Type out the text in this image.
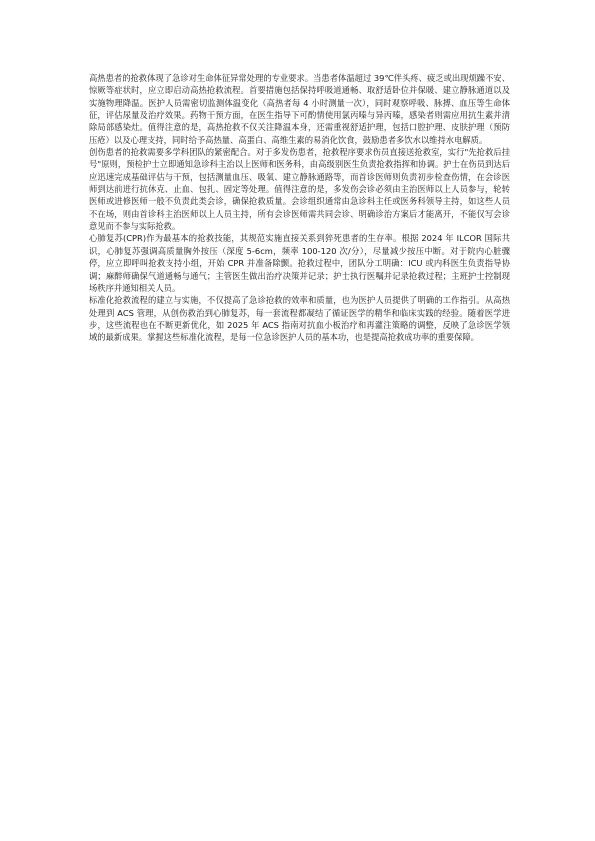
高热患者的抢救体现了急诊对生命体征异常处理的专业要求。当患者体温超过 39℃伴头疼、疲乏或出现烦躁不安、惊厥等症状时，应立即启动高热抢救流程。首要措施包括保持呼吸道通畅、取舒适卧位并保暖、建立静脉通道以及实施物理降温。医护人员需密切监测体温变化（高热者每 4 小时测量一次），同时观察呼吸、脉搏、血压等生命体征，评估尿量及治疗效果。药物干预方面，在医生指导下可酌情使用氯丙嗪与异丙嗪，感染者则需应用抗生素并清除局部感染灶。值得注意的是，高热抢救不仅关注降温本身，还需重视舒适护理，包括口腔护理、皮肤护理（预防压疮）以及心理支持，同时给予高热量、高蛋白、高维生素的易消化饮食，鼓励患者多饮水以维持水电解质。

创伤患者的抢救需要多学科团队的紧密配合。对于多发伤患者，抢救程序要求伤员直接送抢救室，实行"先抢救后挂号"原则，预检护士立即通知急诊科主治以上医师和医务科，由高级别医生负责抢救指挥和协调。护士在伤员到达后应迅速完成基础评估与干预，包括测量血压、吸氧、建立静脉通路等，而首诊医师则负责初步检查伤情，在会诊医师到达前进行抗休克、止血、包扎、固定等处理。值得注意的是，多发伤会诊必须由主治医师以上人员参与，轮转医师或进修医师一般不负责此类会诊，确保抢救质量。会诊组织通常由急诊科主任或医务科领导主持，如这些人员不在场，则由首诊科主治医师以上人员主持，所有会诊医师需共同会诊、明确诊治方案后才能离开，不能仅写会诊意见而不参与实际抢救。

心肺复苏(CPR)作为最基本的抢救技能，其规范实施直接关系到猝死患者的生存率。根据 2024 年 ILCOR 国际共识，心肺复苏强调高质量胸外按压（深度 5-6cm，频率 100-120 次/分），尽量减少按压中断。对于院内心脏骤停，应立即呼叫抢救支持小组，开始 CPR 并准备除颤。抢救过程中，团队分工明确：ICU 或内科医生负责指导协调；麻醉师确保气道通畅与通气；主管医生做出治疗决策并记录；护士执行医嘱并记录抢救过程；主班护士控制现场秩序并通知相关人员。

标准化抢救流程的建立与实施，不仅提高了急诊抢救的效率和质量，也为医护人员提供了明确的工作指引。从高热处理到 ACS 管理，从创伤救治到心肺复苏，每一套流程都凝结了循证医学的精华和临床实践的经验。随着医学进步，这些流程也在不断更新优化，如 2025 年 ACS 指南对抗血小板治疗和再灌注策略的调整，反映了急诊医学领域的最新成果。掌握这些标准化流程，是每一位急诊医护人员的基本功，也是提高抢救成功率的重要保障。
